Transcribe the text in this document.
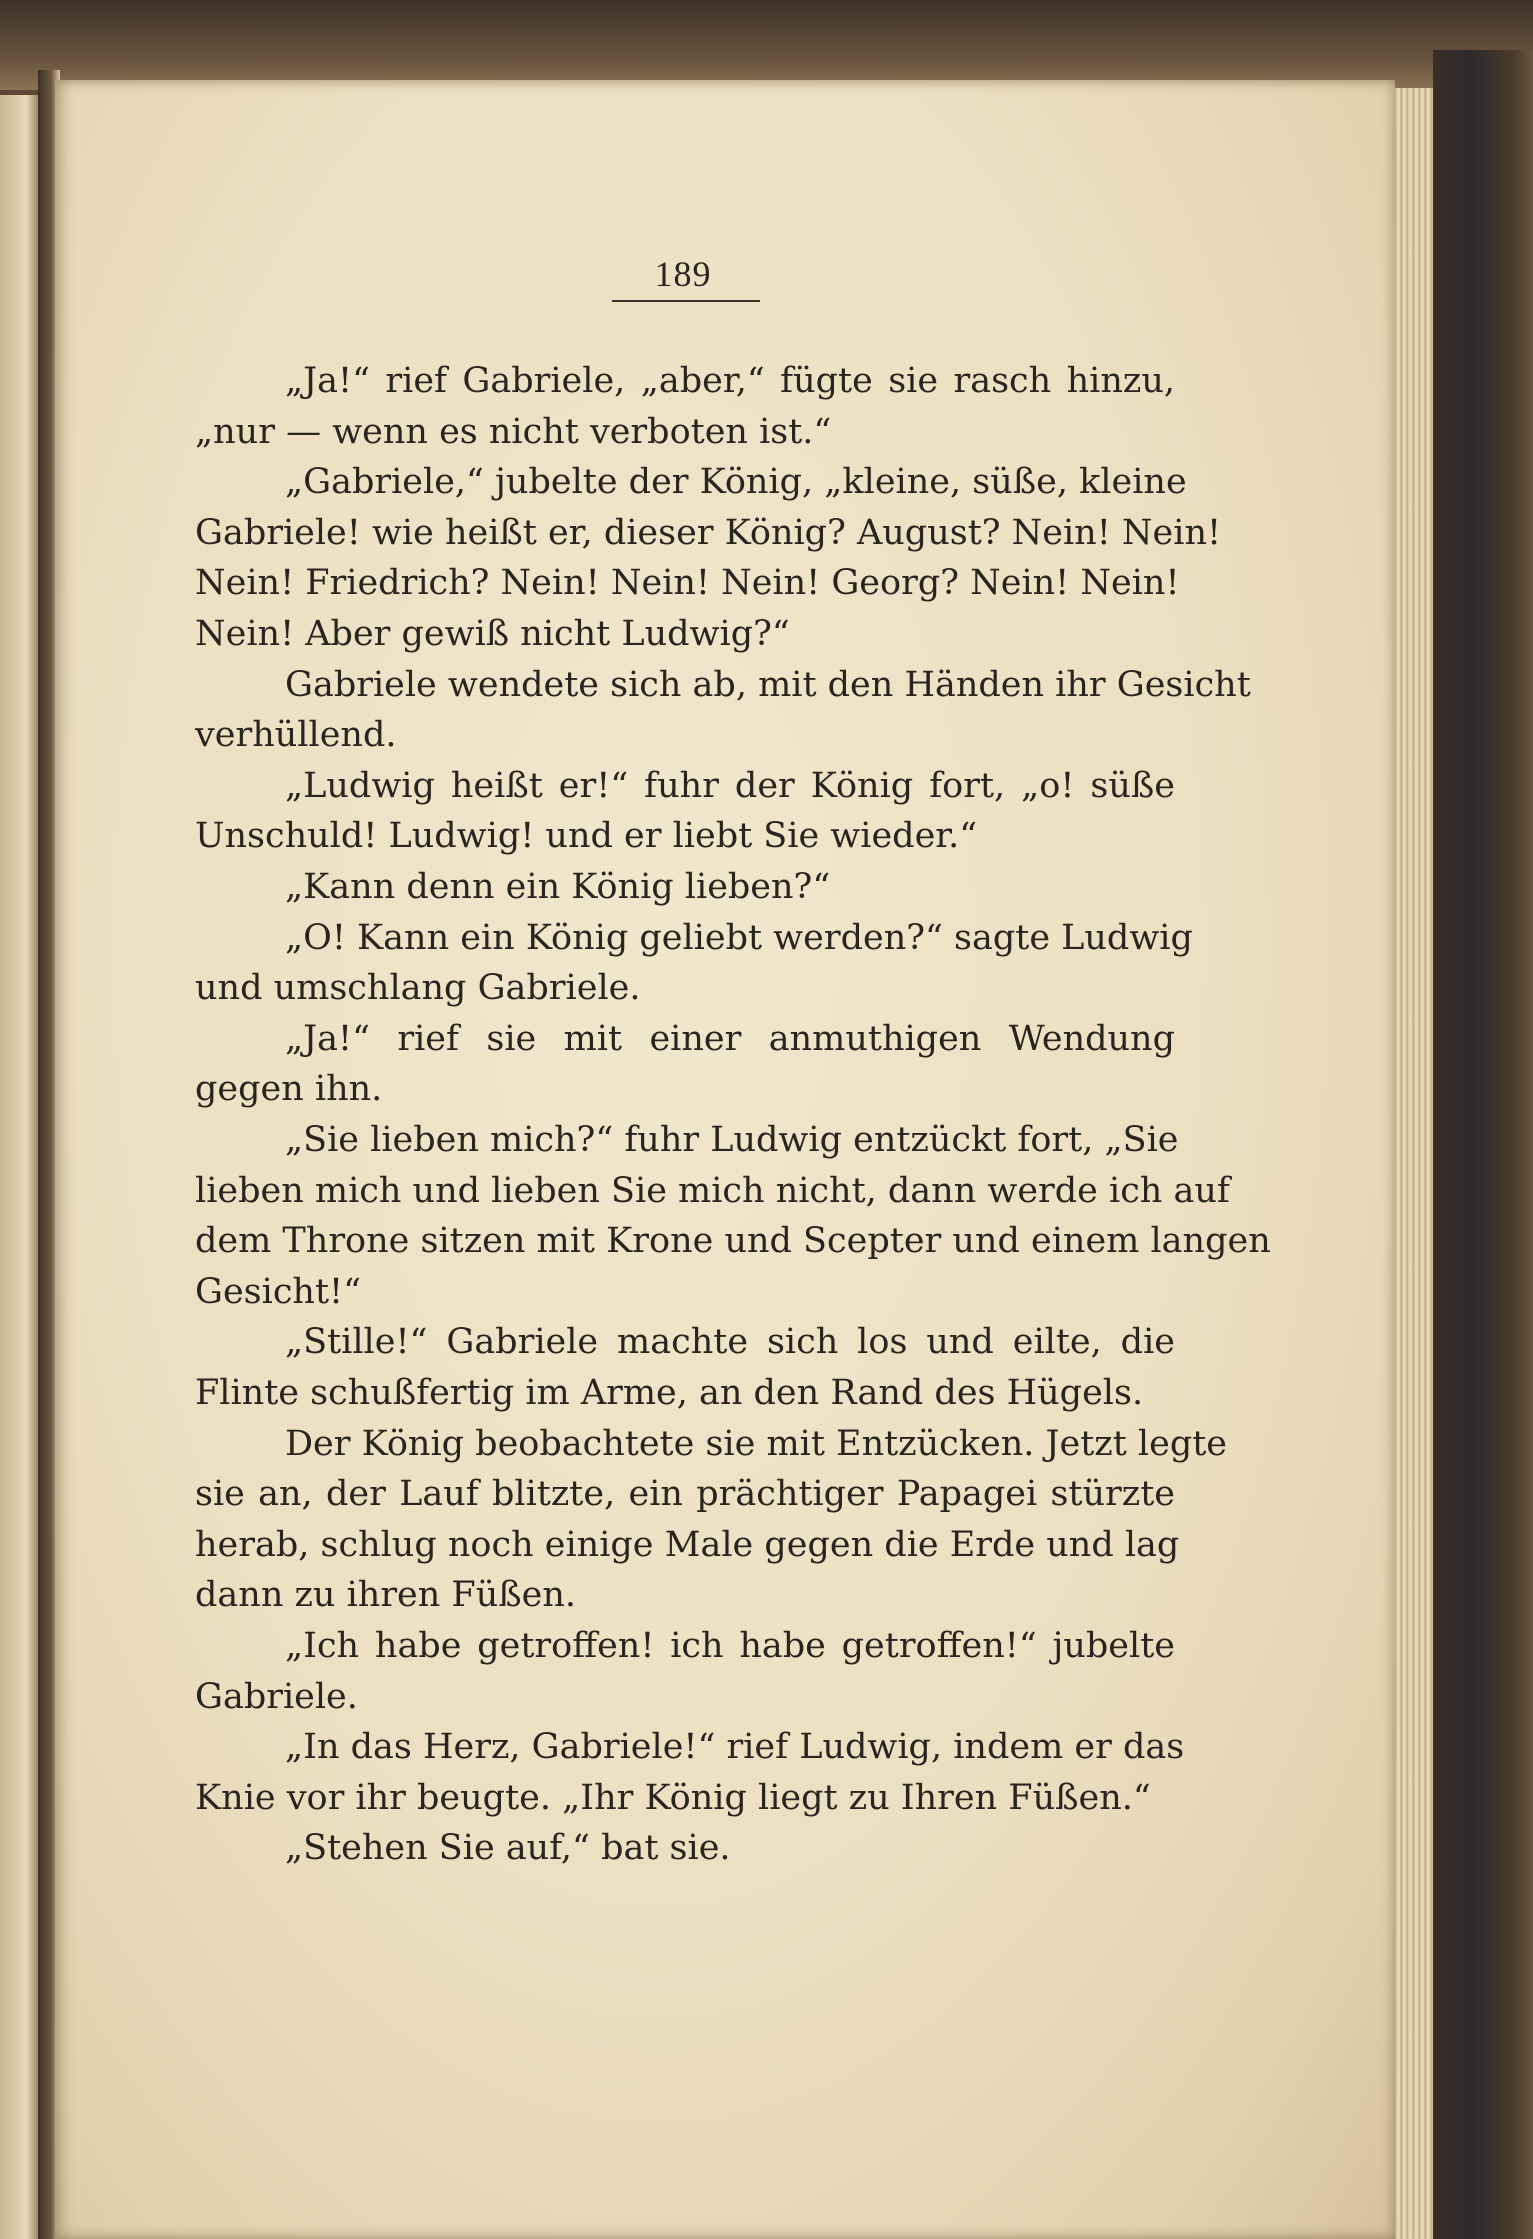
189
„Ja!“ rief Gabriele, „aber,“ fügte sie rasch hinzu,
„nur — wenn es nicht verboten ist.“
„Gabriele,“ jubelte der König, „kleine, süße, kleine
Gabriele! wie heißt er, dieser König? August? Nein! Nein!
Nein! Friedrich? Nein! Nein! Nein! Georg? Nein! Nein!
Nein! Aber gewiß nicht Ludwig?“
Gabriele wendete sich ab, mit den Händen ihr Gesicht
verhüllend.
„Ludwig heißt er!“ fuhr der König fort, „o! süße
Unschuld! Ludwig! und er liebt Sie wieder.“
„Kann denn ein König lieben?“
„O! Kann ein König geliebt werden?“ sagte Ludwig
und umschlang Gabriele.
„Ja!“ rief sie mit einer anmuthigen Wendung
gegen ihn.
„Sie lieben mich?“ fuhr Ludwig entzückt fort, „Sie
lieben mich und lieben Sie mich nicht, dann werde ich auf
dem Throne sitzen mit Krone und Scepter und einem langen
Gesicht!“
„Stille!“ Gabriele machte sich los und eilte, die
Flinte schußfertig im Arme, an den Rand des Hügels.
Der König beobachtete sie mit Entzücken. Jetzt legte
sie an, der Lauf blitzte, ein prächtiger Papagei stürzte
herab, schlug noch einige Male gegen die Erde und lag
dann zu ihren Füßen.
„Ich habe getroffen! ich habe getroffen!“ jubelte
Gabriele.
„In das Herz, Gabriele!“ rief Ludwig, indem er das
Knie vor ihr beugte. „Ihr König liegt zu Ihren Füßen.“
„Stehen Sie auf,“ bat sie.
